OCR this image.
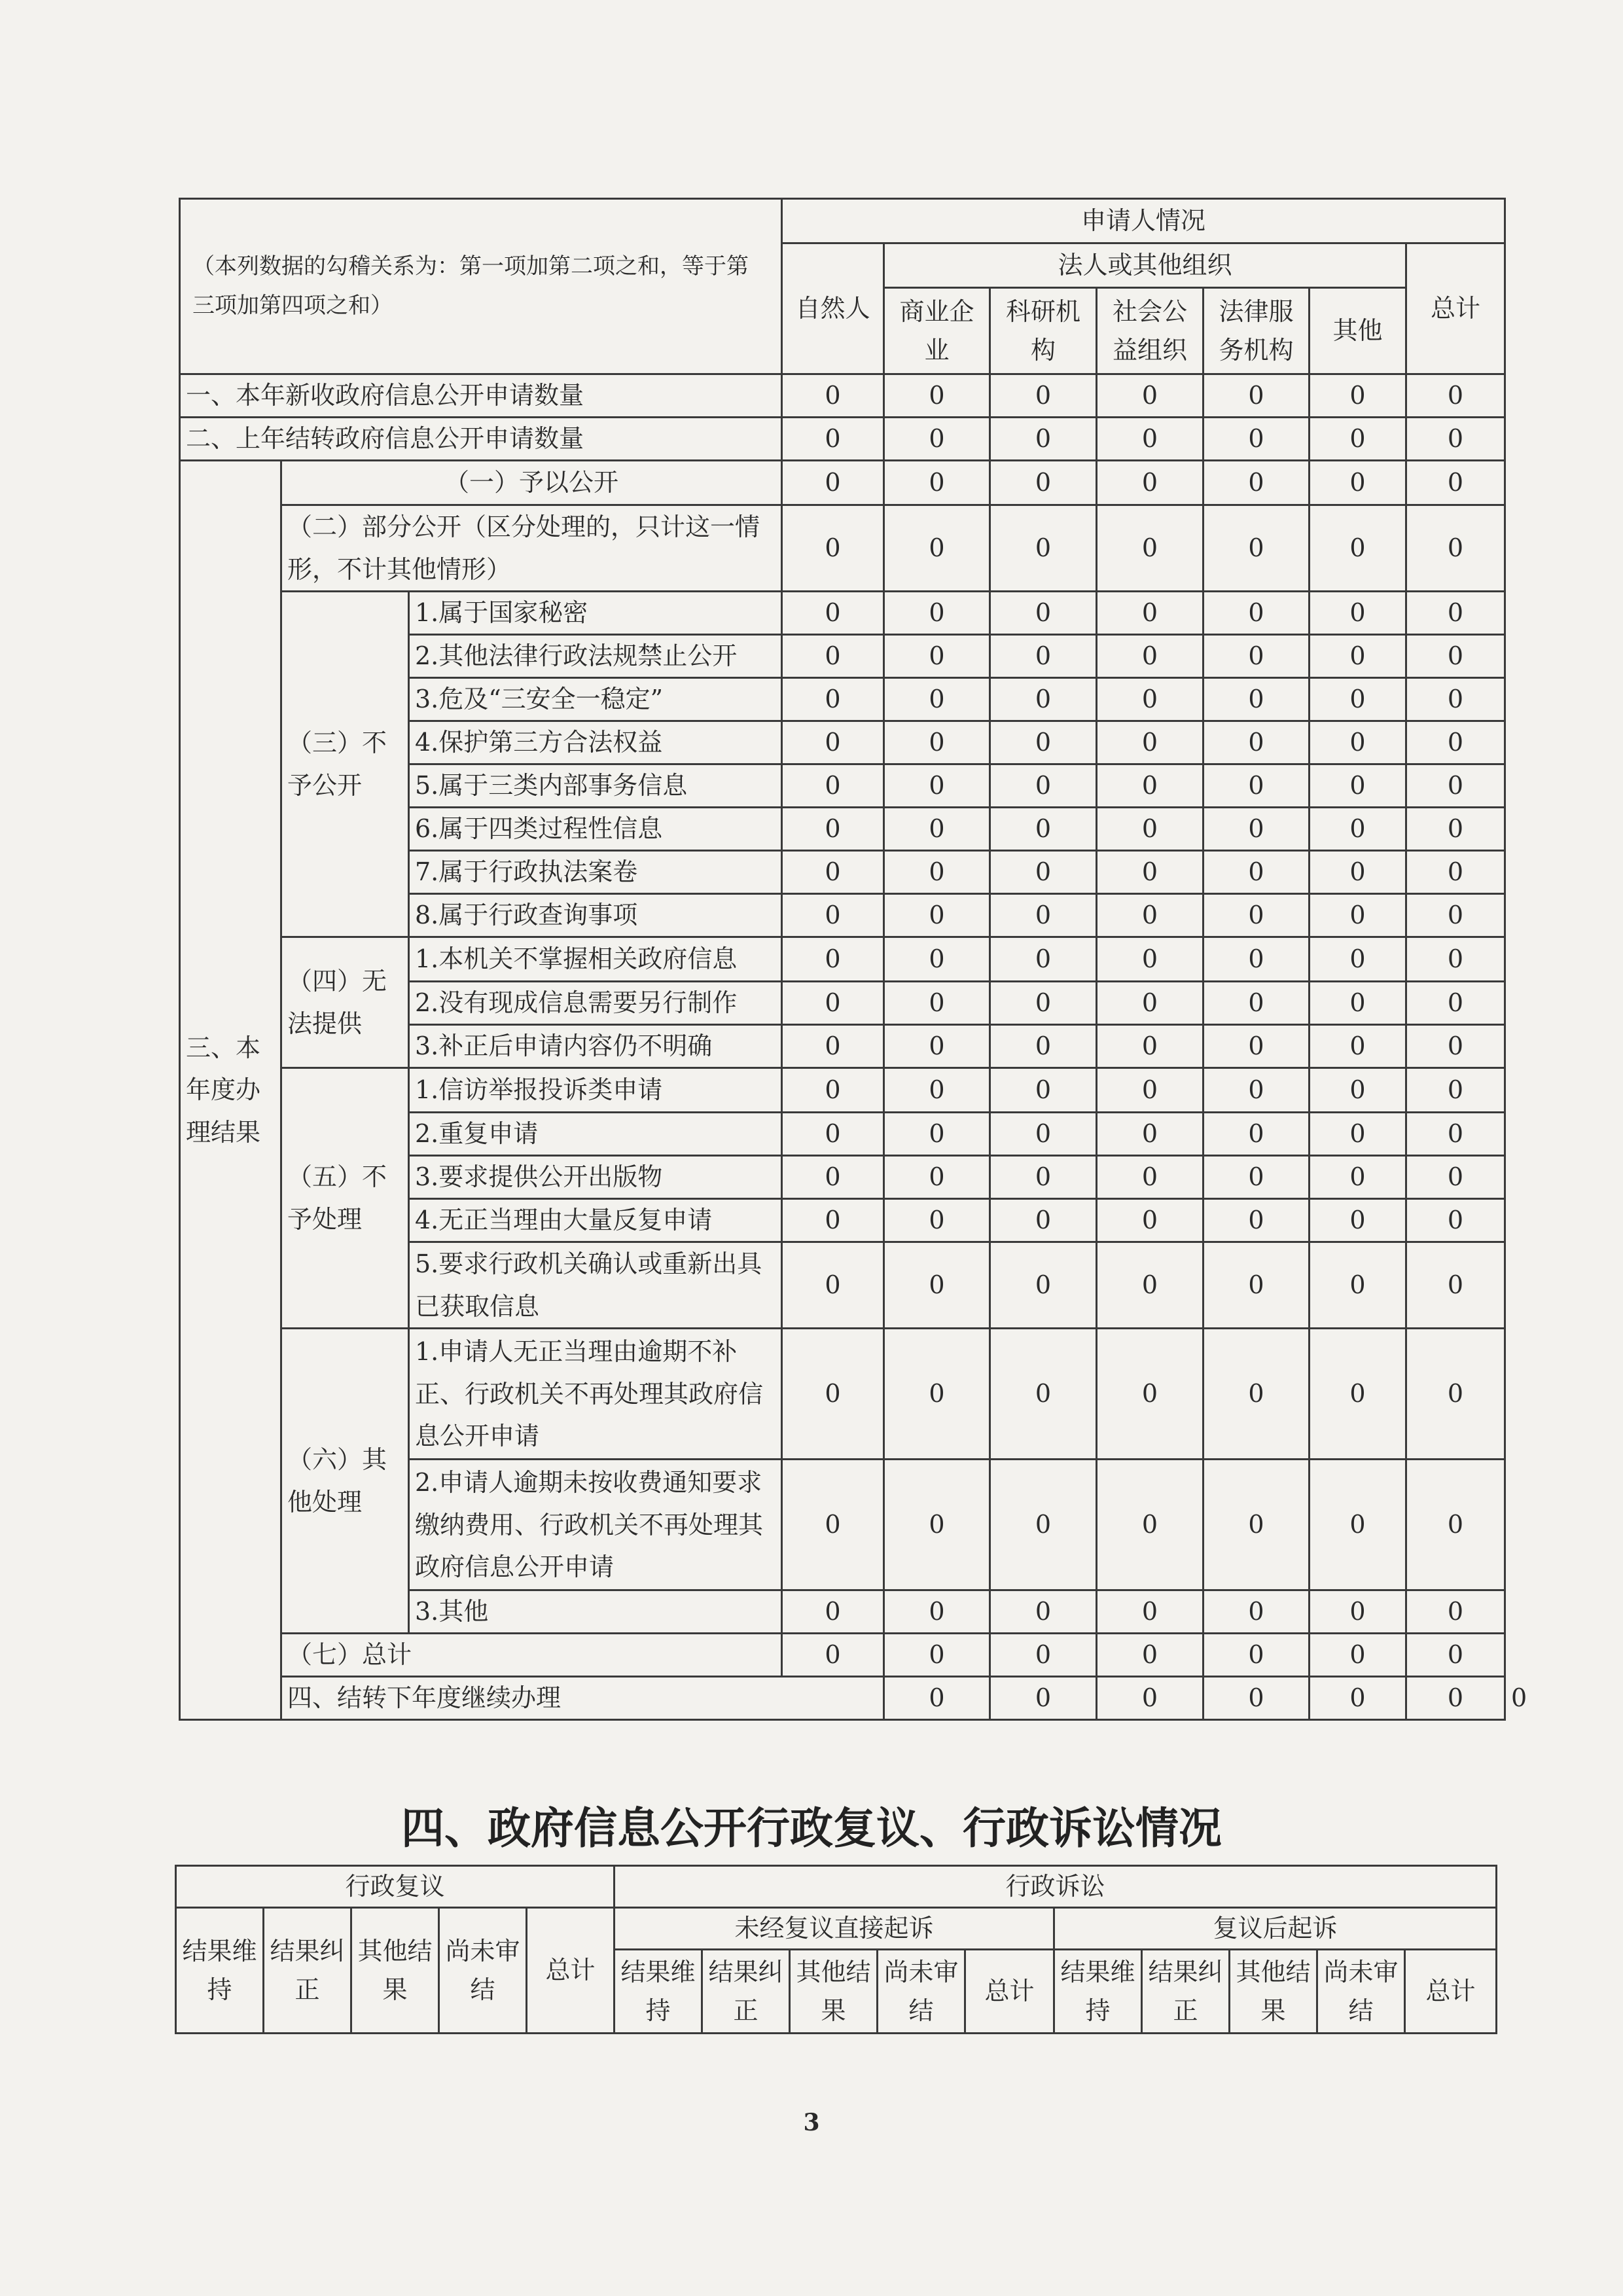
（本列数据的勾稽关系为：第一项加第二项之和，等于第三项加第四项之和）			申请人情况							
			自然人	法人或其他组织					总计	
				商业企业	科研机构	社会公益组织	法律服务机构	其他		
一、本年新收政府信息公开申请数量			0	0	0	0	0	0	0	
二、上年结转政府信息公开申请数量			0	0	0	0	0	0	0	
三、本年度办理结果	（一）予以公开		0	0	0	0	0	0	0	
	（二）部分公开（区分处理的，只计这一情形，不计其他情形）		0	0	0	0	0	0	0	
	（三）不予公开	1.属于国家秘密	0	0	0	0	0	0	0	
		2.其他法律行政法规禁止公开	0	0	0	0	0	0	0	
		3.危及“三安全一稳定”	0	0	0	0	0	0	0	
		4.保护第三方合法权益	0	0	0	0	0	0	0	
		5.属于三类内部事务信息	0	0	0	0	0	0	0	
		6.属于四类过程性信息	0	0	0	0	0	0	0	
		7.属于行政执法案卷	0	0	0	0	0	0	0	
		8.属于行政查询事项	0	0	0	0	0	0	0	
	（四）无法提供	1.本机关不掌握相关政府信息	0	0	0	0	0	0	0	
		2.没有现成信息需要另行制作	0	0	0	0	0	0	0	
		3.补正后申请内容仍不明确	0	0	0	0	0	0	0	
	（五）不予处理	1.信访举报投诉类申请	0	0	0	0	0	0	0	
		2.重复申请	0	0	0	0	0	0	0	
		3.要求提供公开出版物	0	0	0	0	0	0	0	
		4.无正当理由大量反复申请	0	0	0	0	0	0	0	
		5.要求行政机关确认或重新出具已获取信息	0	0	0	0	0	0	0	
	（六）其他处理	1.申请人无正当理由逾期不补正、行政机关不再处理其政府信息公开申请	0	0	0	0	0	0	0	
		2.申请人逾期未按收费通知要求缴纳费用、行政机关不再处理其政府信息公开申请	0	0	0	0	0	0	0	
		3.其他	0	0	0	0	0	0	0	
	（七）总计		0	0	0	0	0	0	0	
	四、结转下年度继续办理			0	0	0	0	0	0	0
四、政府信息公开行政复议、行政诉讼情况
行政复议					行政诉讼									
结果维持	结果纠正	其他结果	尚未审结	总计	未经复议直接起诉					复议后起诉				
					结果维持	结果纠正	其他结果	尚未审结	总计	结果维持	结果纠正	其他结果	尚未审结	总计
3
